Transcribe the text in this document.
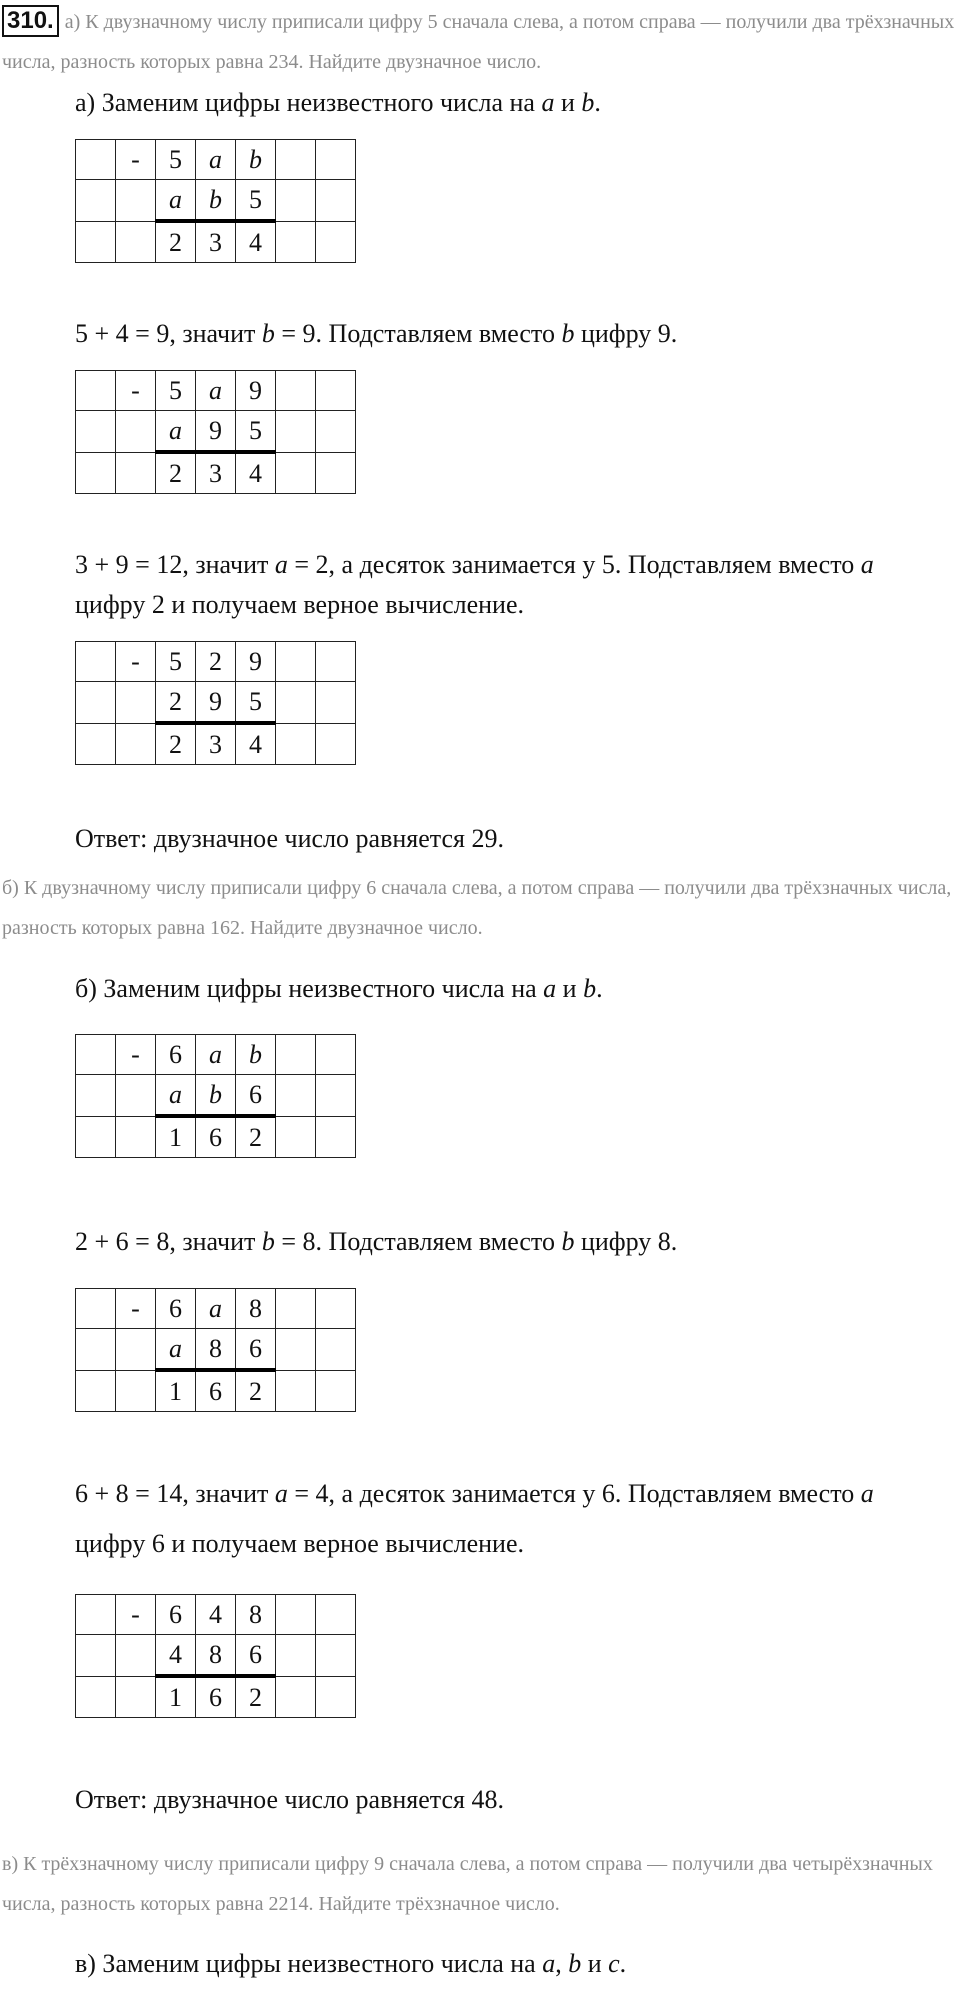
310. а) К двузначному числу приписали цифру 5 сначала слева, а потом справа — получили два трёхзначных числа, разность которых равна 234. Найдите двузначное число.
а) Заменим цифры неизвестного числа на a и b.
	-	5	a	b		
		a	b	5		
		2	3	4		
5 + 4 = 9, значит b = 9. Подставляем вместо b цифру 9.
	-	5	a	9		
		a	9	5		
		2	3	4		
3 + 9 = 12, значит a = 2, а десяток занимается у 5. Подставляем вместо a
цифру 2 и получаем верное вычисление.
	-	5	2	9		
		2	9	5		
		2	3	4		
Ответ: двузначное число равняется 29.
б) К двузначному числу приписали цифру 6 сначала слева, а потом справа — получили два трёхзначных числа, разность которых равна 162. Найдите двузначное число.
б) Заменим цифры неизвестного числа на a и b.
	-	6	a	b		
		a	b	6		
		1	6	2		
2 + 6 = 8, значит b = 8. Подставляем вместо b цифру 8.
	-	6	a	8		
		a	8	6		
		1	6	2		
6 + 8 = 14, значит a = 4, а десяток занимается у 6. Подставляем вместо a
цифру 6 и получаем верное вычисление.
	-	6	4	8		
		4	8	6		
		1	6	2		
Ответ: двузначное число равняется 48.
в) К трёхзначному числу приписали цифру 9 сначала слева, а потом справа — получили два четырёхзначных числа, разность которых равна 2214. Найдите трёхзначное число.
в) Заменим цифры неизвестного числа на a, b и c.
